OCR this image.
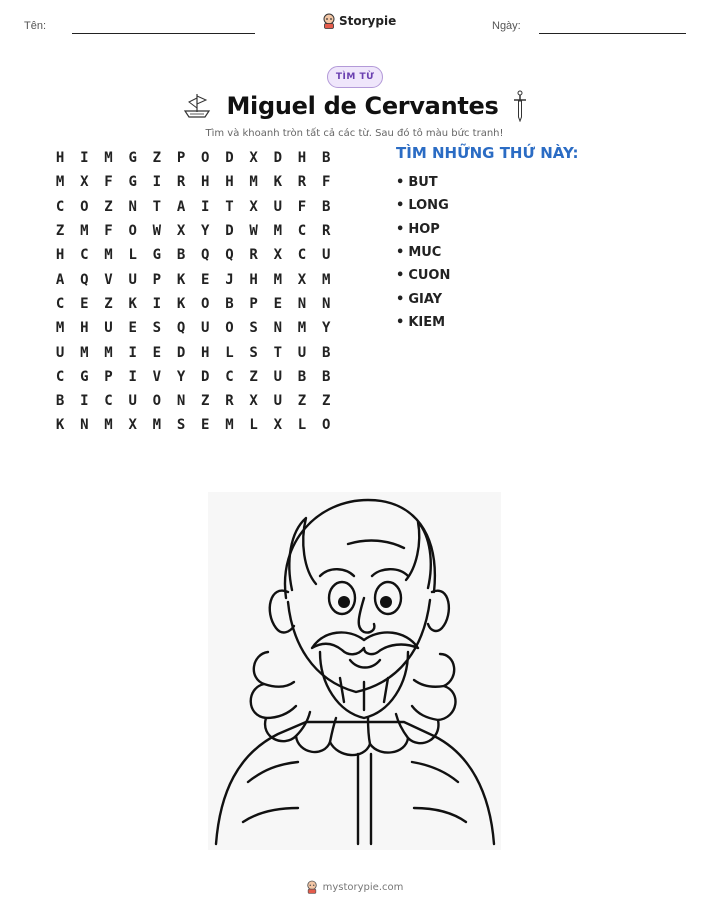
Tên:	Storypie	Ngày:
TÌM TỪ
Miguel de Cervantes
Tìm và khoanh tròn tất cả các từ. Sau đó tô màu bức tranh!
H	I	M	G	Z	P	O	D	X	D	H	B
M	X	F	G	I	R	H	H	M	K	R	F
C	O	Z	N	T	A	I	T	X	U	F	B
Z	M	F	O	W	X	Y	D	W	M	C	R
H	C	M	L	G	B	Q	Q	R	X	C	U
A	Q	V	U	P	K	E	J	H	M	X	M
C	E	Z	K	I	K	O	B	P	E	N	N
M	H	U	E	S	Q	U	O	S	N	M	Y
U	M	M	I	E	D	H	L	S	T	U	B
C	G	P	I	V	Y	D	C	Z	U	B	B
B	I	C	U	O	N	Z	R	X	U	Z	Z
K	N	M	X	M	S	E	M	L	X	L	O
TÌM NHỮNG THỨ NÀY:
• BUT
• LONG
• HOP
• MUC
• CUON
• GIAY
• KIEM
mystorypie.com
